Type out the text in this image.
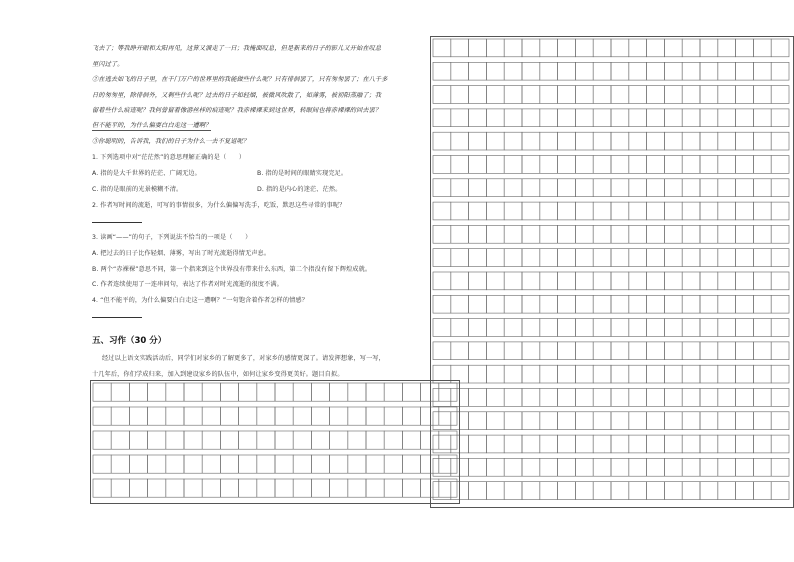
飞去了；等我睁开眼和太阳再见，这算又溜走了一日；我掩面叹息，但是新来的日子的影儿又开始在叹息
里闪过了。
②在逃去如飞的日子里，在千门万户的世界里的我能做些什么呢？只有徘徊罢了，只有匆匆罢了；在八千多
日的匆匆里，除徘徊外，又剩些什么呢？过去的日子如轻烟，被微风吹散了，如薄雾，被初阳蒸融了；我
留着些什么痕迹呢？我何曾留着像游丝样的痕迹呢？我赤裸裸来到这世界，转眼间也将赤裸裸的回去罢？
但不能平的，为什么偏要白白走这一遭啊？
③你聪明的，告诉我，我们的日子为什么一去不复返呢？
1. 下列选项中对“茫茫然”的意思理解正确的是（　　）
A. 指的是大千世界的茫茫、广阔无边。	B. 指的是时间的眼睛实现完足。
C. 指的是眼前的光景模糊不清。	D. 指的是内心的迷茫、茫然。
2. 作者写时间的流逝，可写的事情很多，为什么偏偏写洗手，吃饭，默思这些寻常的事呢？
3. 读画“——”的句子，下列说法不恰当的一项是（　　）
A. 把过去的日子比作轻烟、薄雾，写出了时光流逝得情无声息。
B. 两个“赤裸裸”意思不同，第一个指来到这个世界没有带来什么东西，第二个指没有留下辉煌成就。
C. 作者连续使用了一连串问句，表达了作者对时光流逝的很度不满。
4. “但不能平的，为什么偏要白白走这一遭啊？”一句饱含着作者怎样的情感？
五、习作（30 分）
经过以上语文实践活动后，同学们对家乡的了解更多了，对家乡的感情更深了。请发挥想象，写一写，
十几年后，你们学成归来，加入到建设家乡的队伍中，如何让家乡变得更美好。题目自拟。
